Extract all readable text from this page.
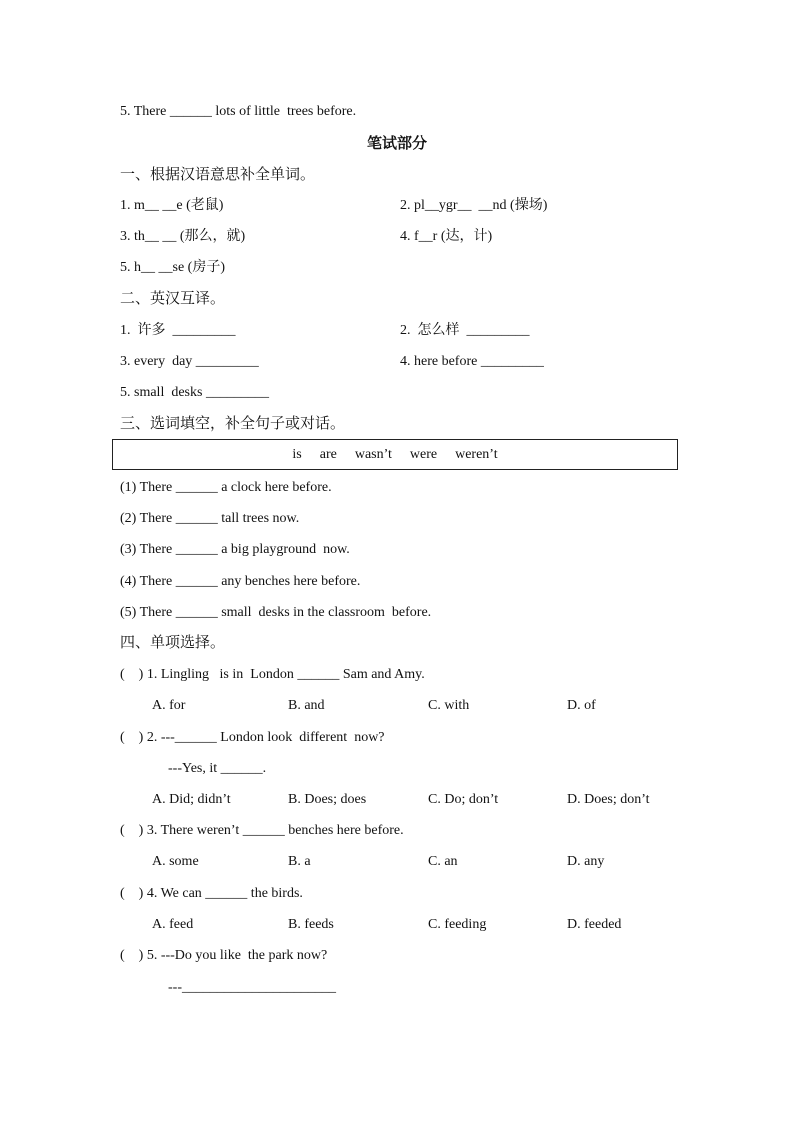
5. There ______ lots of little  trees before.
笔试部分
一、根据汉语意思补全单词。
1. m__ __e (老鼠)	2. pl__ygr__  __nd (操场)
3. th__ __ (那么，就)	4. f__r (达，计)
5. h__ __se (房子)
二、英汉互译。
1.  许多  _________	2.  怎么样  _________
3. every  day _________	4. here before _________
5. small  desks _________
三、选词填空，补全句子或对话。
is are wasn’t were weren’t
(1) There ______ a clock here before.
(2) There ______ tall trees now.
(3) There ______ a big playground  now.
(4) There ______ any benches here before.
(5) There ______ small  desks in the classroom  before.
四、单项选择。
(    ) 1. Lingling   is in  London ______ Sam and Amy.
A. for	B. and	C. with	D. of
(    ) 2. ---______ London look  different  now?
---Yes, it ______.
A. Did; didn’t	B. Does; does	C. Do; don’t	D. Does; don’t
(    ) 3. There weren’t ______ benches here before.
A. some	B. a	C. an	D. any
(    ) 4. We can ______ the birds.
A. feed	B. feeds	C. feeding	D. feeded
(    ) 5. ---Do you like  the park now?
---______________________
